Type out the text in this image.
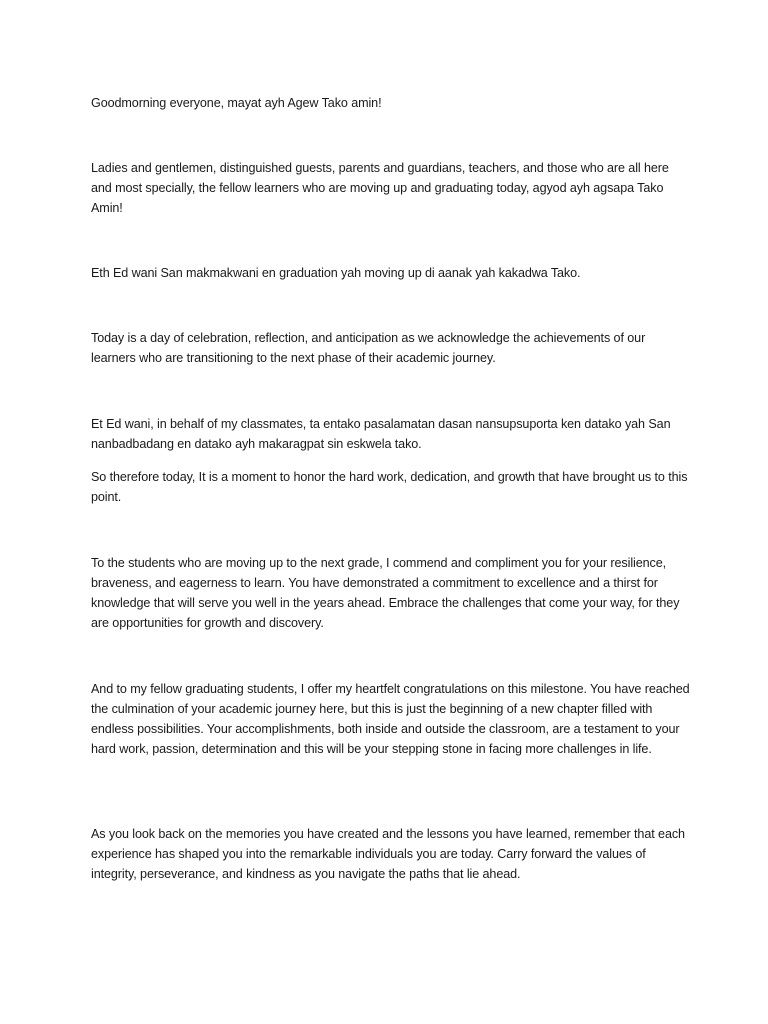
Goodmorning everyone, mayat ayh Agew Tako amin!

Ladies and gentlemen, distinguished guests, parents and guardians, teachers, and those who are all here and most specially, the fellow learners who are moving up and graduating today, agyod ayh agsapa Tako Amin!

Eth Ed wani San makmakwani en graduation yah moving up di aanak yah kakadwa Tako.

Today is a day of celebration, reflection, and anticipation as we acknowledge the achievements of our learners who are transitioning to the next phase of their academic journey.

Et Ed wani, in behalf of my classmates, ta entako pasalamatan dasan nansupsuporta ken datako yah San nanbadbadang en datako ayh makaragpat sin eskwela tako.

So therefore today, It is a moment to honor the hard work, dedication, and growth that have brought us to this point.

To the students who are moving up to the next grade, I commend and compliment you for your resilience, braveness, and eagerness to learn. You have demonstrated a commitment to excellence and a thirst for knowledge that will serve you well in the years ahead. Embrace the challenges that come your way, for they are opportunities for growth and discovery.

And to my fellow graduating students, I offer my heartfelt congratulations on this milestone. You have reached the culmination of your academic journey here, but this is just the beginning of a new chapter filled with endless possibilities. Your accomplishments, both inside and outside the classroom, are a testament to your hard work, passion, determination and this will be your stepping stone in facing more challenges in life.

As you look back on the memories you have created and the lessons you have learned, remember that each experience has shaped you into the remarkable individuals you are today. Carry forward the values of integrity, perseverance, and kindness as you navigate the paths that lie ahead.
